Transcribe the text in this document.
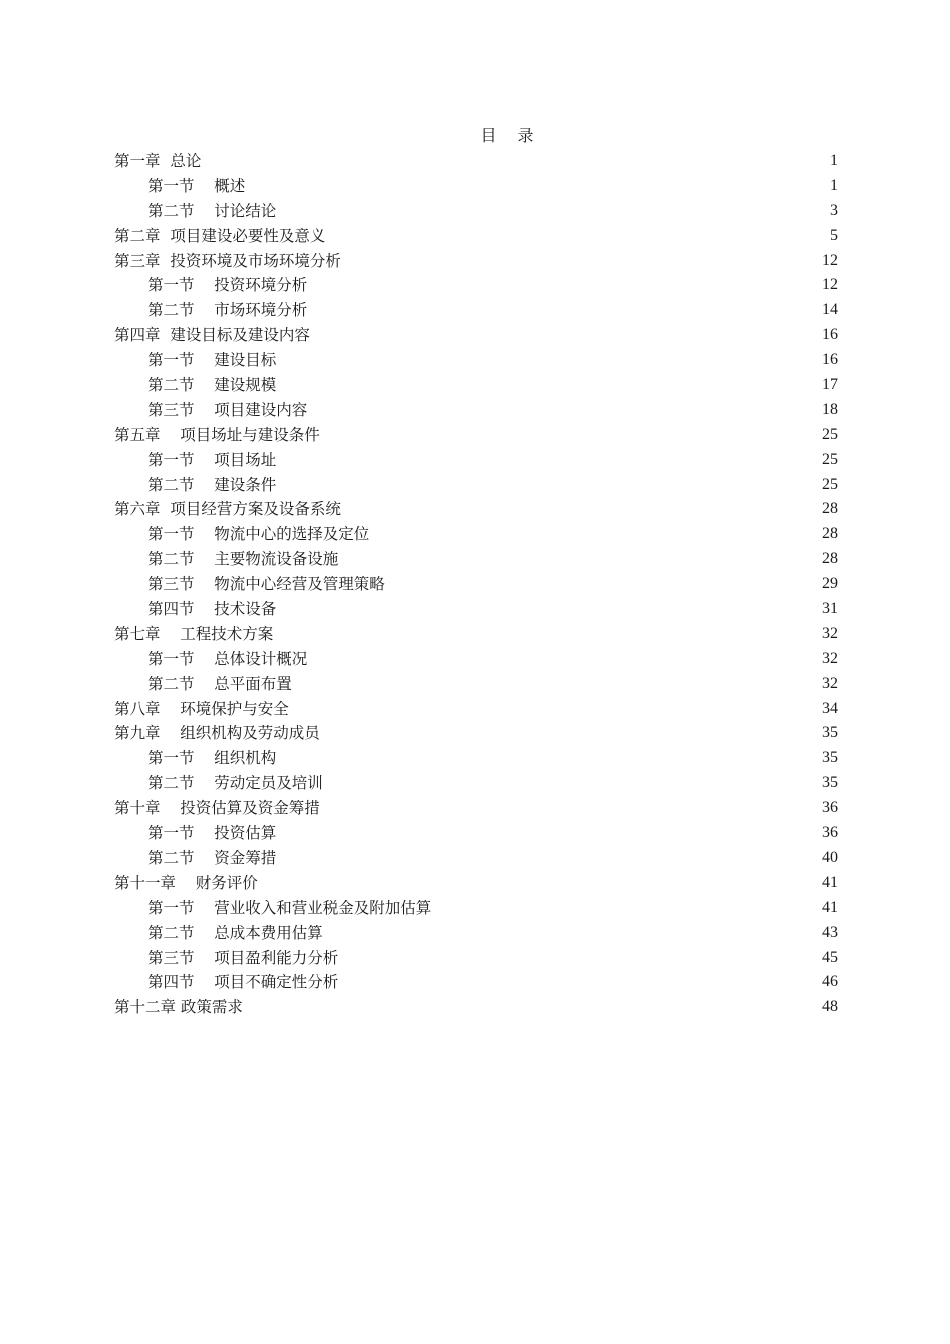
目 录
第一章  总论	1
第一节    概述	1
第二节    讨论结论	3
第二章  项目建设必要性及意义	5
第三章  投资环境及市场环境分析	12
第一节    投资环境分析	12
第二节    市场环境分析	14
第四章  建设目标及建设内容	16
第一节    建设目标	16
第二节    建设规模	17
第三节    项目建设内容	18
第五章    项目场址与建设条件	25
第一节    项目场址	25
第二节    建设条件	25
第六章  项目经营方案及设备系统	28
第一节    物流中心的选择及定位	28
第二节    主要物流设备设施	28
第三节    物流中心经营及管理策略	29
第四节    技术设备	31
第七章    工程技术方案	32
第一节    总体设计概况	32
第二节    总平面布置	32
第八章    环境保护与安全	34
第九章    组织机构及劳动成员	35
第一节    组织机构	35
第二节    劳动定员及培训	35
第十章    投资估算及资金筹措	36
第一节    投资估算	36
第二节    资金筹措	40
第十一章    财务评价	41
第一节    营业收入和营业税金及附加估算	41
第二节    总成本费用估算	43
第三节    项目盈利能力分析	45
第四节    项目不确定性分析	46
第十二章 政策需求	48
